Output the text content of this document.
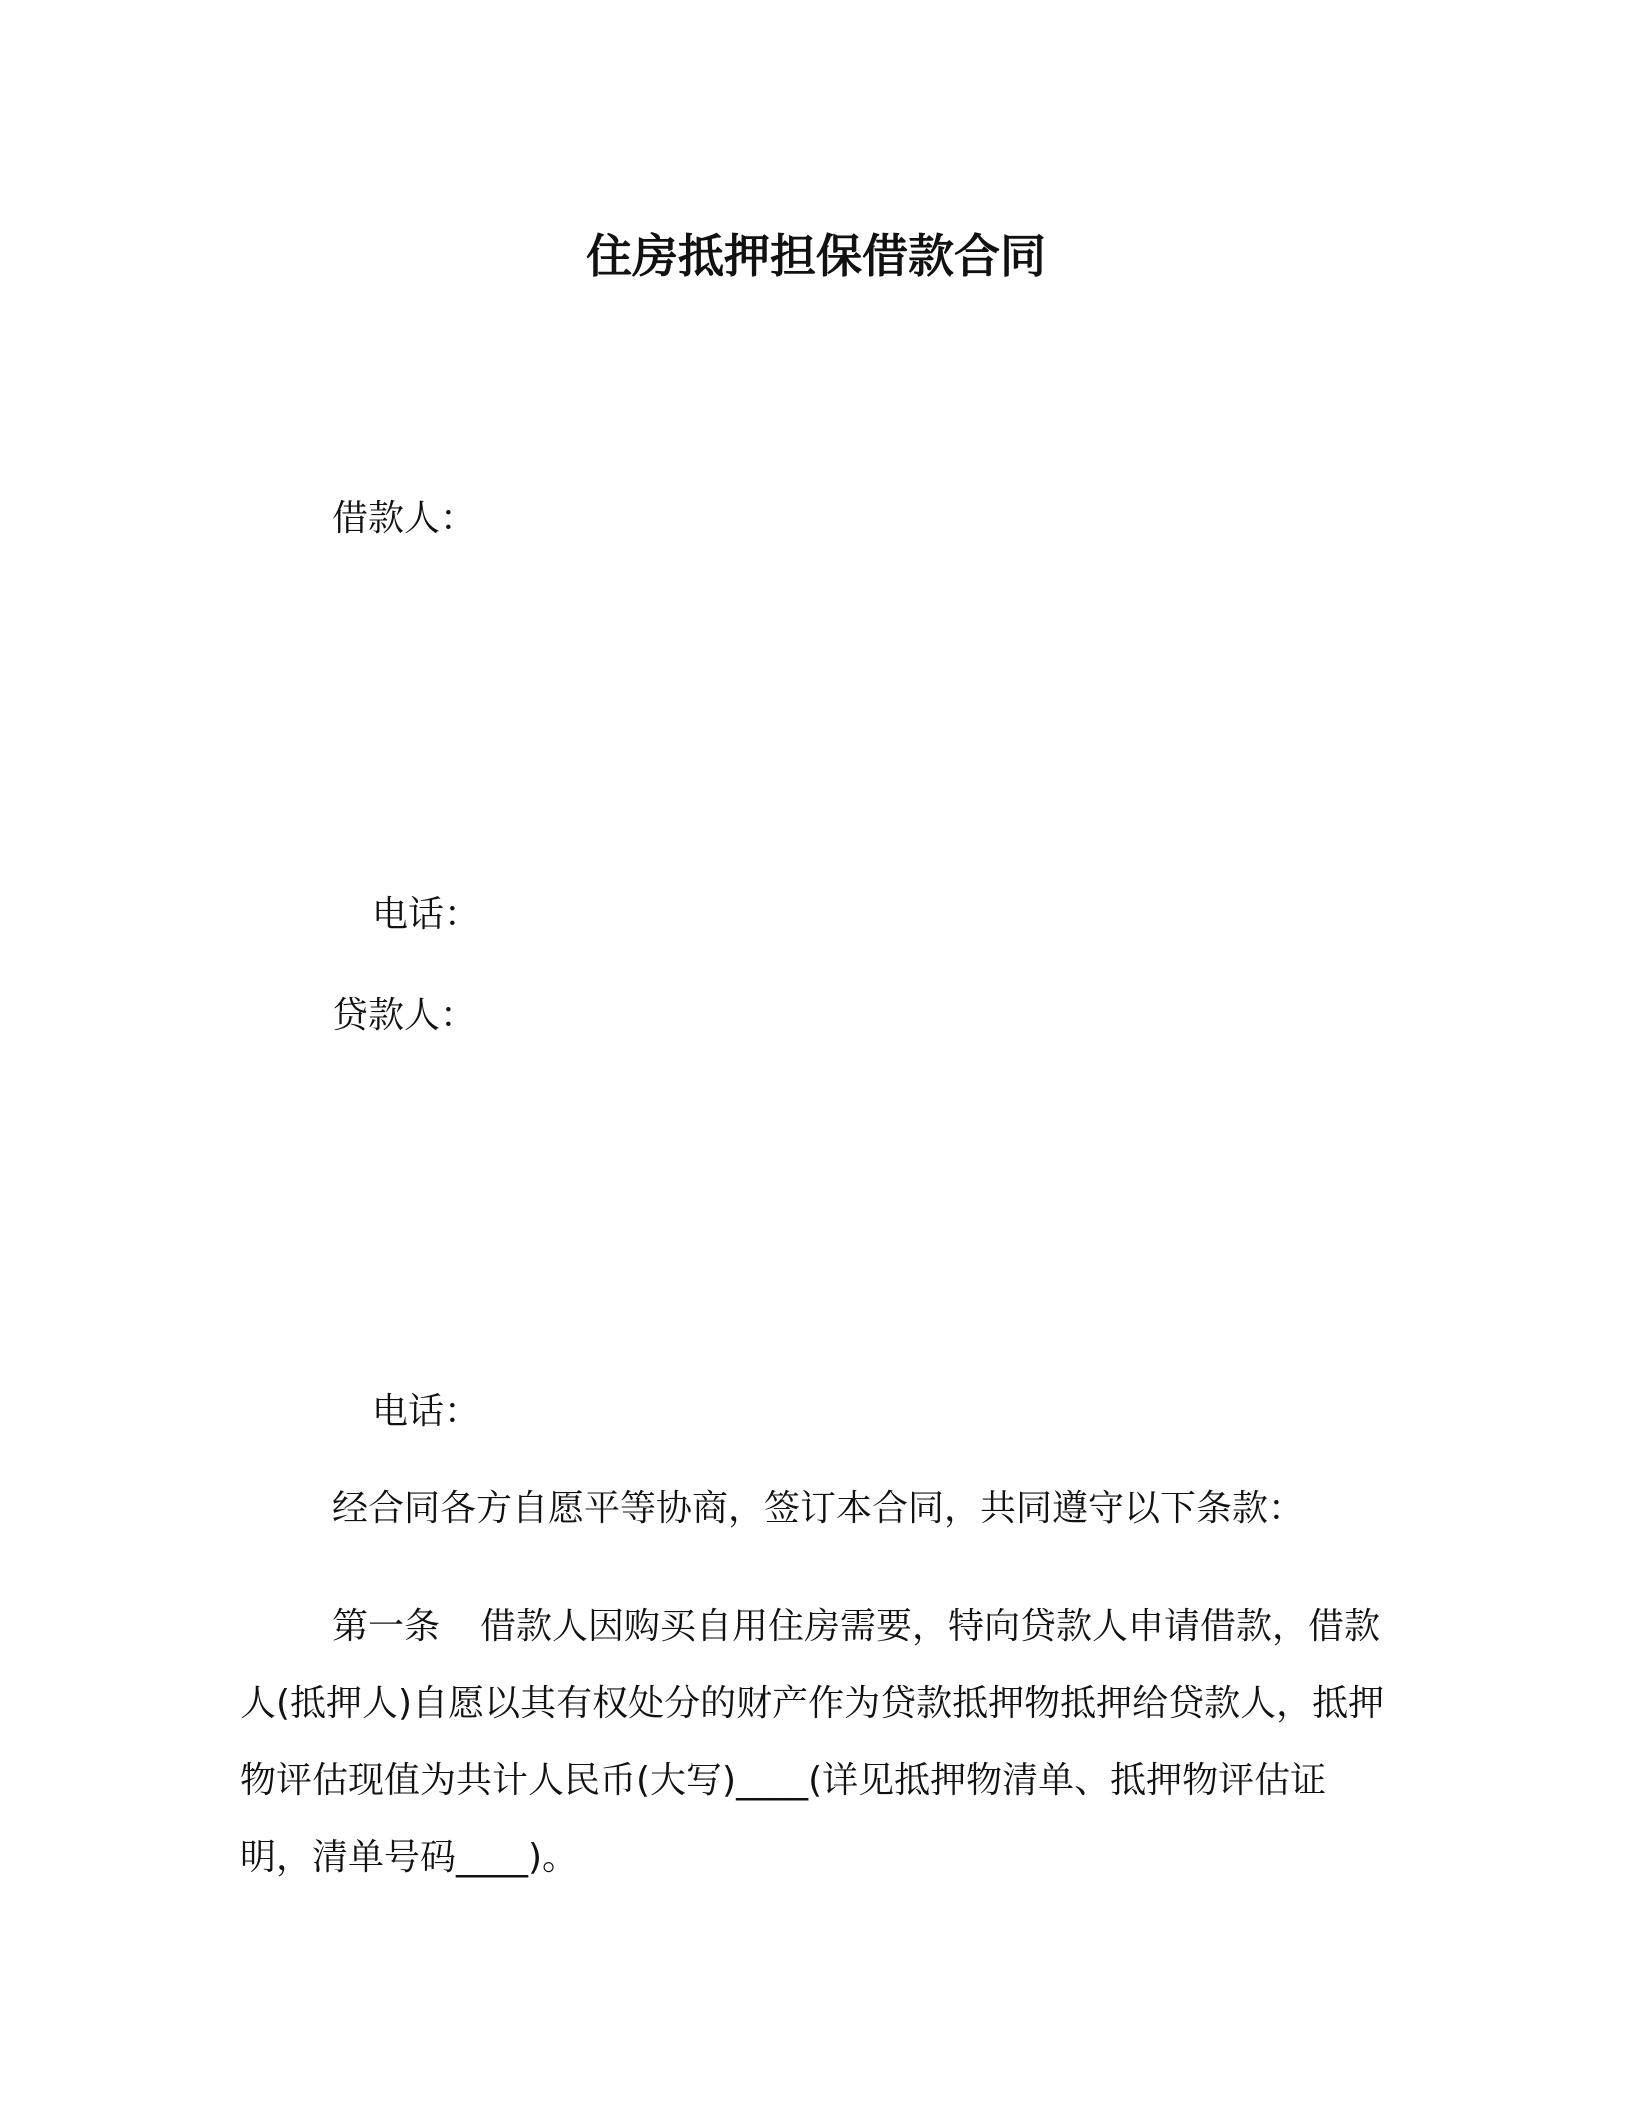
住房抵押担保借款合同
借款人：
电话：
贷款人：
电话：
经合同各方自愿平等协商，签订本合同，共同遵守以下条款：
第一条 借款人因购买自用住房需要，特向贷款人申请借款，借款人(抵押人)自愿以其有权处分的财产作为贷款抵押物抵押给贷款人，抵押物评估现值为共计人民币(大写)____(详见抵押物清单、抵押物评估证明，清单号码____)。
